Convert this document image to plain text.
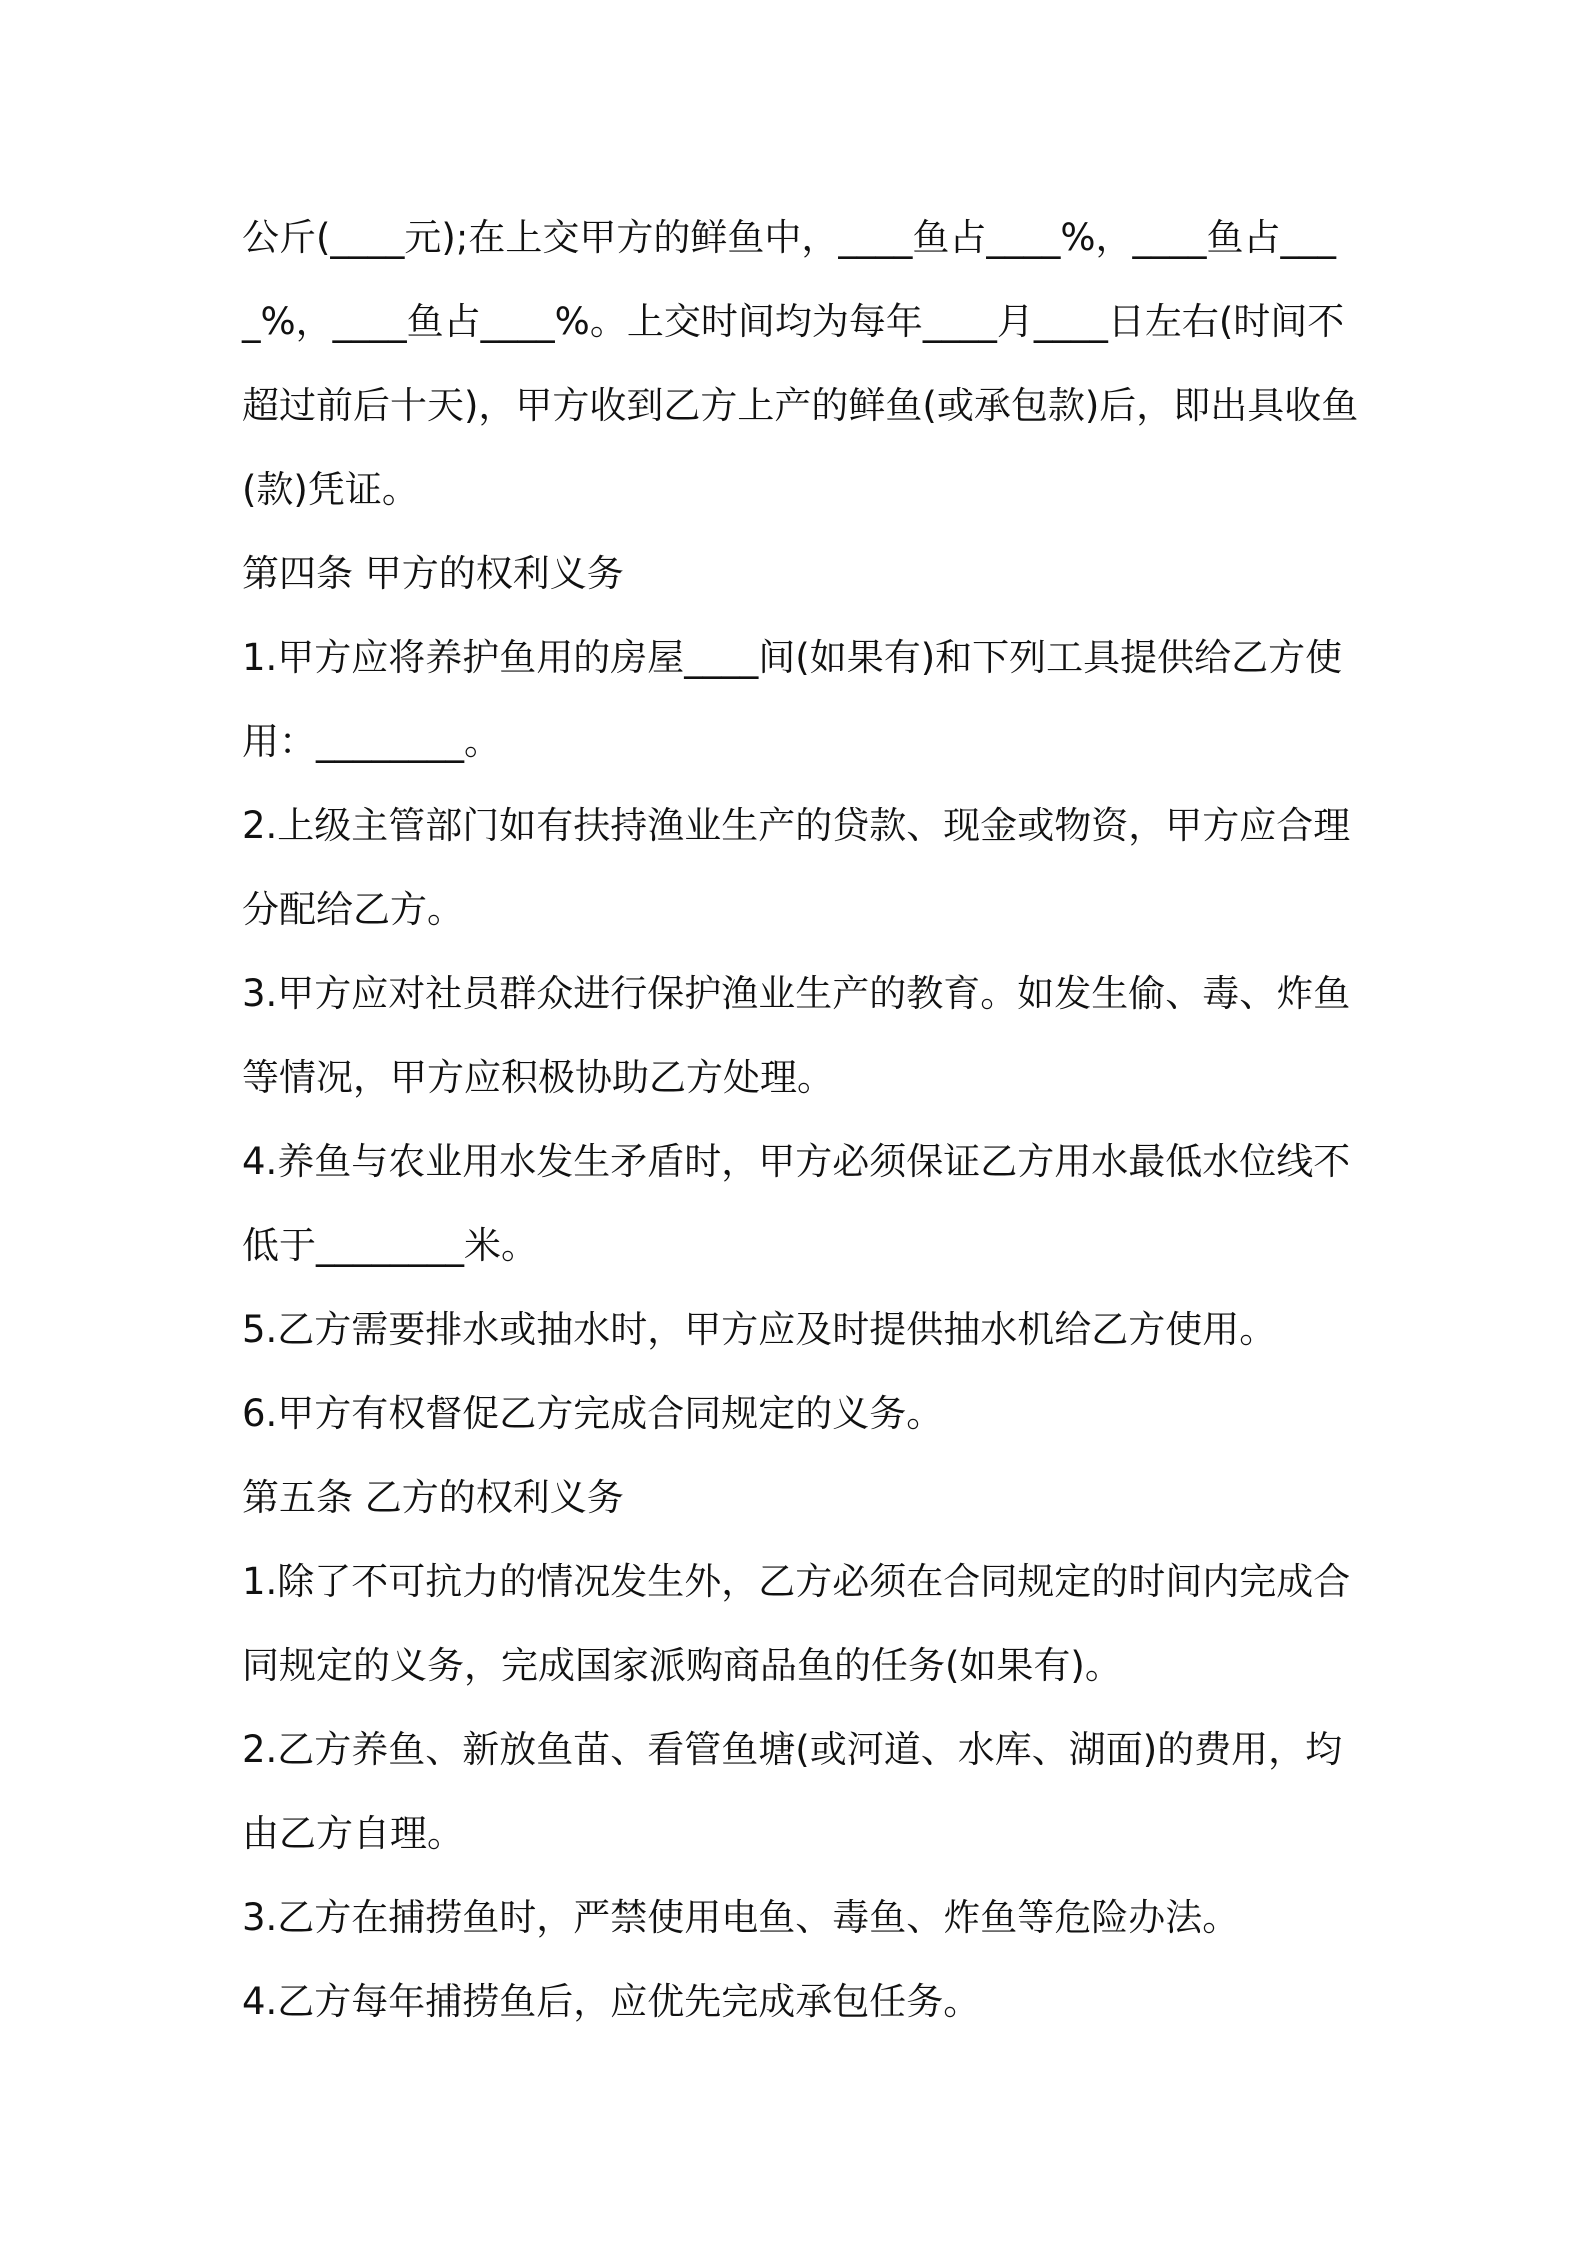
公斤(____元);在上交甲方的鲜鱼中，____鱼占____%，____鱼占____%，____鱼占____%。上交时间均为每年____月____日左右(时间不超过前后十天)，甲方收到乙方上产的鲜鱼(或承包款)后，即出具收鱼(款)凭证。

第四条 甲方的权利义务

1.甲方应将养护鱼用的房屋____间(如果有)和下列工具提供给乙方使用：________。

2.上级主管部门如有扶持渔业生产的贷款、现金或物资，甲方应合理分配给乙方。

3.甲方应对社员群众进行保护渔业生产的教育。如发生偷、毒、炸鱼等情况，甲方应积极协助乙方处理。

4.养鱼与农业用水发生矛盾时，甲方必须保证乙方用水最低水位线不低于________米。

5.乙方需要排水或抽水时，甲方应及时提供抽水机给乙方使用。

6.甲方有权督促乙方完成合同规定的义务。

第五条 乙方的权利义务

1.除了不可抗力的情况发生外，乙方必须在合同规定的时间内完成合同规定的义务，完成国家派购商品鱼的任务(如果有)。

2.乙方养鱼、新放鱼苗、看管鱼塘(或河道、水库、湖面)的费用，均由乙方自理。

3.乙方在捕捞鱼时，严禁使用电鱼、毒鱼、炸鱼等危险办法。

4.乙方每年捕捞鱼后，应优先完成承包任务。
